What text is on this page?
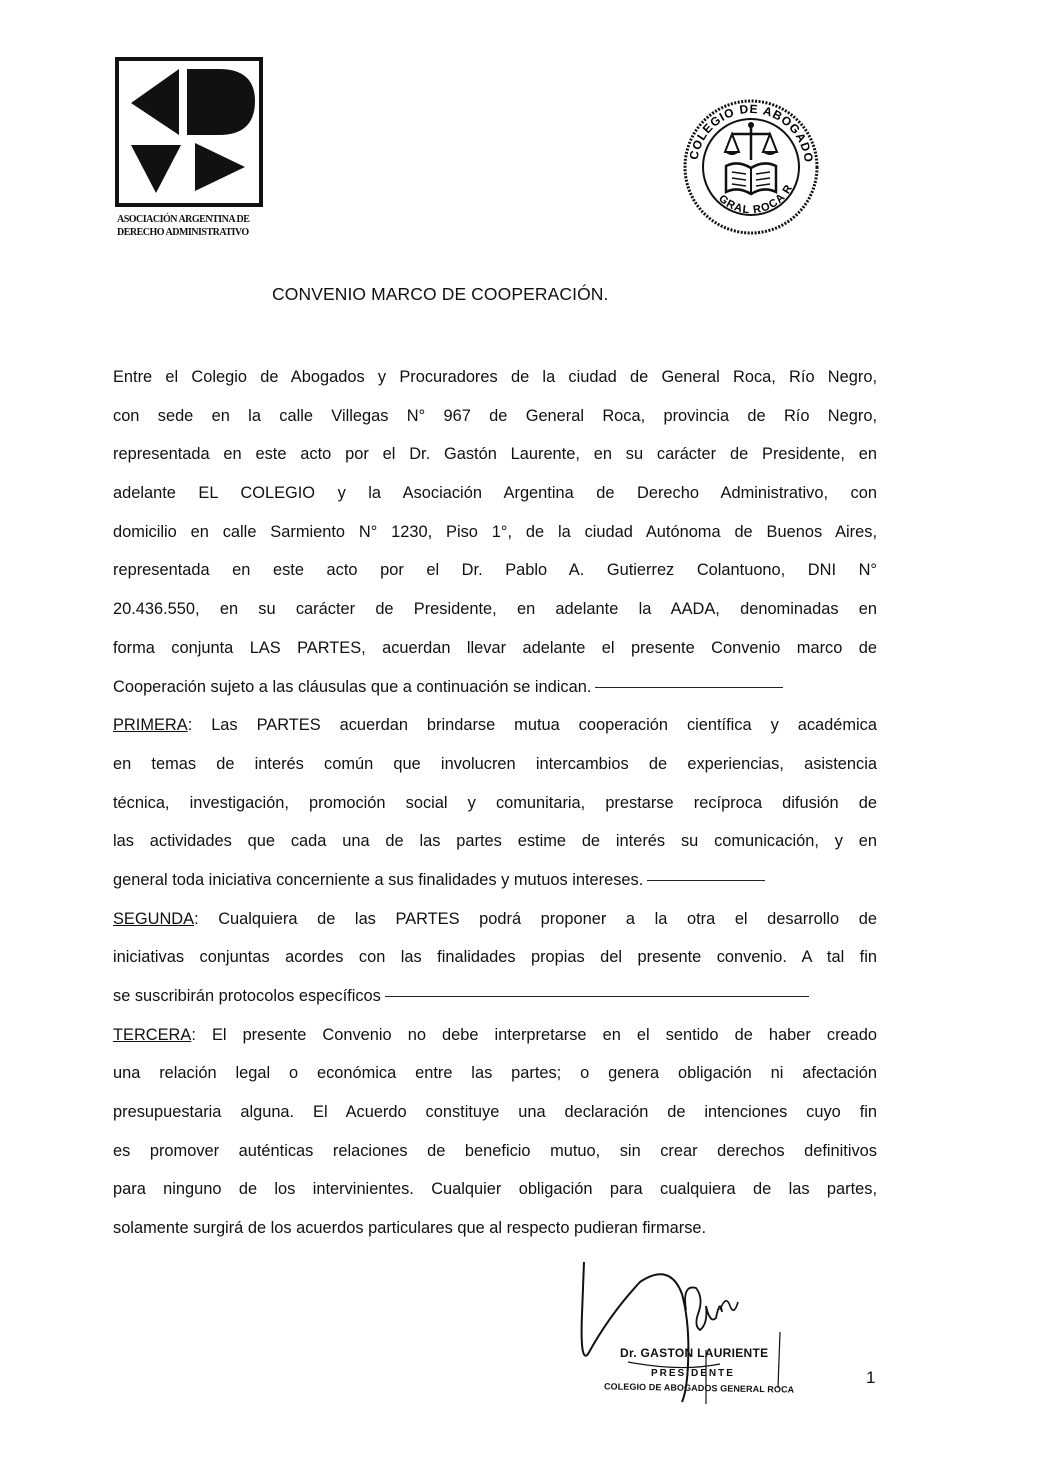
ASOCIACIÓN ARGENTINA DE
DERECHO ADMINISTRATIVO
COLEGIO DE ABOGADO
GRAL ROCA R
CONVENIO MARCO DE COOPERACIÓN.
Entre el Colegio de Abogados y Procuradores de la ciudad de General Roca, Río Negro,
con sede en la calle Villegas N° 967 de General Roca, provincia de Río Negro,
representada en este acto por el Dr. Gastón Laurente, en su carácter de Presidente, en
adelante EL COLEGIO y la Asociación Argentina de Derecho Administrativo, con
domicilio en calle Sarmiento N° 1230, Piso 1°, de la ciudad Autónoma de Buenos Aires,
representada en este acto por el Dr. Pablo A. Gutierrez Colantuono, DNI N°
20.436.550, en su carácter de Presidente, en adelante la AADA, denominadas en
forma conjunta LAS PARTES, acuerdan llevar adelante el presente Convenio marco de
Cooperación sujeto a las cláusulas que a continuación se indican.
PRIMERA: Las PARTES acuerdan brindarse mutua cooperación científica y académica
en temas de interés común que involucren intercambios de experiencias, asistencia
técnica, investigación, promoción social y comunitaria, prestarse recíproca difusión de
las actividades que cada una de las partes estime de interés su comunicación, y en
general toda iniciativa concerniente a sus finalidades y mutuos intereses.
SEGUNDA: Cualquiera de las PARTES podrá proponer a la otra el desarrollo de
iniciativas conjuntas acordes con las finalidades propias del presente convenio. A tal fin
se suscribirán protocolos específicos
TERCERA: El presente Convenio no debe interpretarse en el sentido de haber creado
una relación legal o económica entre las partes; o genera obligación ni afectación
presupuestaria alguna. El Acuerdo constituye una declaración de intenciones cuyo fin
es promover auténticas relaciones de beneficio mutuo, sin crear derechos definitivos
para ninguno de los intervinientes. Cualquier obligación para cualquiera de las partes,
solamente surgirá de los acuerdos particulares que al respecto pudieran firmarse.
Dr. GASTON LAURIENTE
PRESIDENTE
COLEGIO DE ABOGADOS GENERAL ROCA
1
